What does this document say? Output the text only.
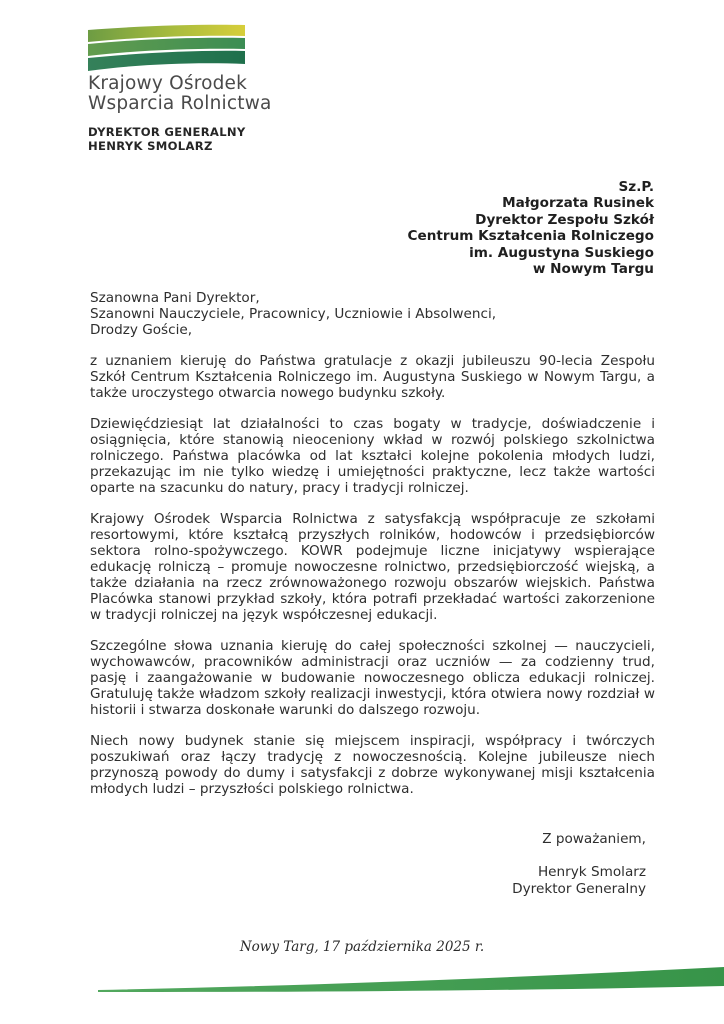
Krajowy Ośrodek
Wsparcia Rolnictwa
DYREKTOR GENERALNY
HENRYK SMOLARZ
Sz.P.
Małgorzata Rusinek
Dyrektor Zespołu Szkół
Centrum Kształcenia Rolniczego
im. Augustyna Suskiego
w Nowym Targu
Szanowna Pani Dyrektor,
Szanowni Nauczyciele, Pracownicy, Uczniowie i Absolwenci,
Drodzy Goście,

z uznaniem kieruję do Państwa gratulacje z okazji jubileuszu 90-lecia Zespołu Szkół Centrum Kształcenia Rolniczego im. Augustyna Suskiego w Nowym Targu, a także uroczystego otwarcia nowego budynku szkoły.

Dziewięćdziesiąt lat działalności to czas bogaty w tradycje, doświadczenie i osiągnięcia, które stanowią nieoceniony wkład w rozwój polskiego szkolnictwa rolniczego. Państwa placówka od lat kształci kolejne pokolenia młodych ludzi, przekazując im nie tylko wiedzę i umiejętności praktyczne, lecz także wartości oparte na szacunku do natury, pracy i tradycji rolniczej.

Krajowy Ośrodek Wsparcia Rolnictwa z satysfakcją współpracuje ze szkołami resortowymi, które kształcą przyszłych rolników, hodowców i przedsiębiorców sektora rolno-spożywczego. KOWR podejmuje liczne inicjatywy wspierające edukację rolniczą – promuje nowoczesne rolnictwo, przedsiębiorczość wiejską, a także działania na rzecz zrównoważonego rozwoju obszarów wiejskich. Państwa Placówka stanowi przykład szkoły, która potrafi przekładać wartości zakorzenione w tradycji rolniczej na język współczesnej edukacji.

Szczególne słowa uznania kieruję do całej społeczności szkolnej — nauczycieli, wychowawców, pracowników administracji oraz uczniów — za codzienny trud, pasję i zaangażowanie w budowanie nowoczesnego oblicza edukacji rolniczej. Gratuluję także władzom szkoły realizacji inwestycji, która otwiera nowy rozdział w historii i stwarza doskonałe warunki do dalszego rozwoju.

Niech nowy budynek stanie się miejscem inspiracji, współpracy i twórczych poszukiwań oraz łączy tradycję z nowoczesnością. Kolejne jubileusze niech przynoszą powody do dumy i satysfakcji z dobrze wykonywanej misji kształcenia młodych ludzi – przyszłości polskiego rolnictwa.

Z poważaniem,
Henryk Smolarz
Dyrektor Generalny
Nowy Targ, 17 października 2025 r.
